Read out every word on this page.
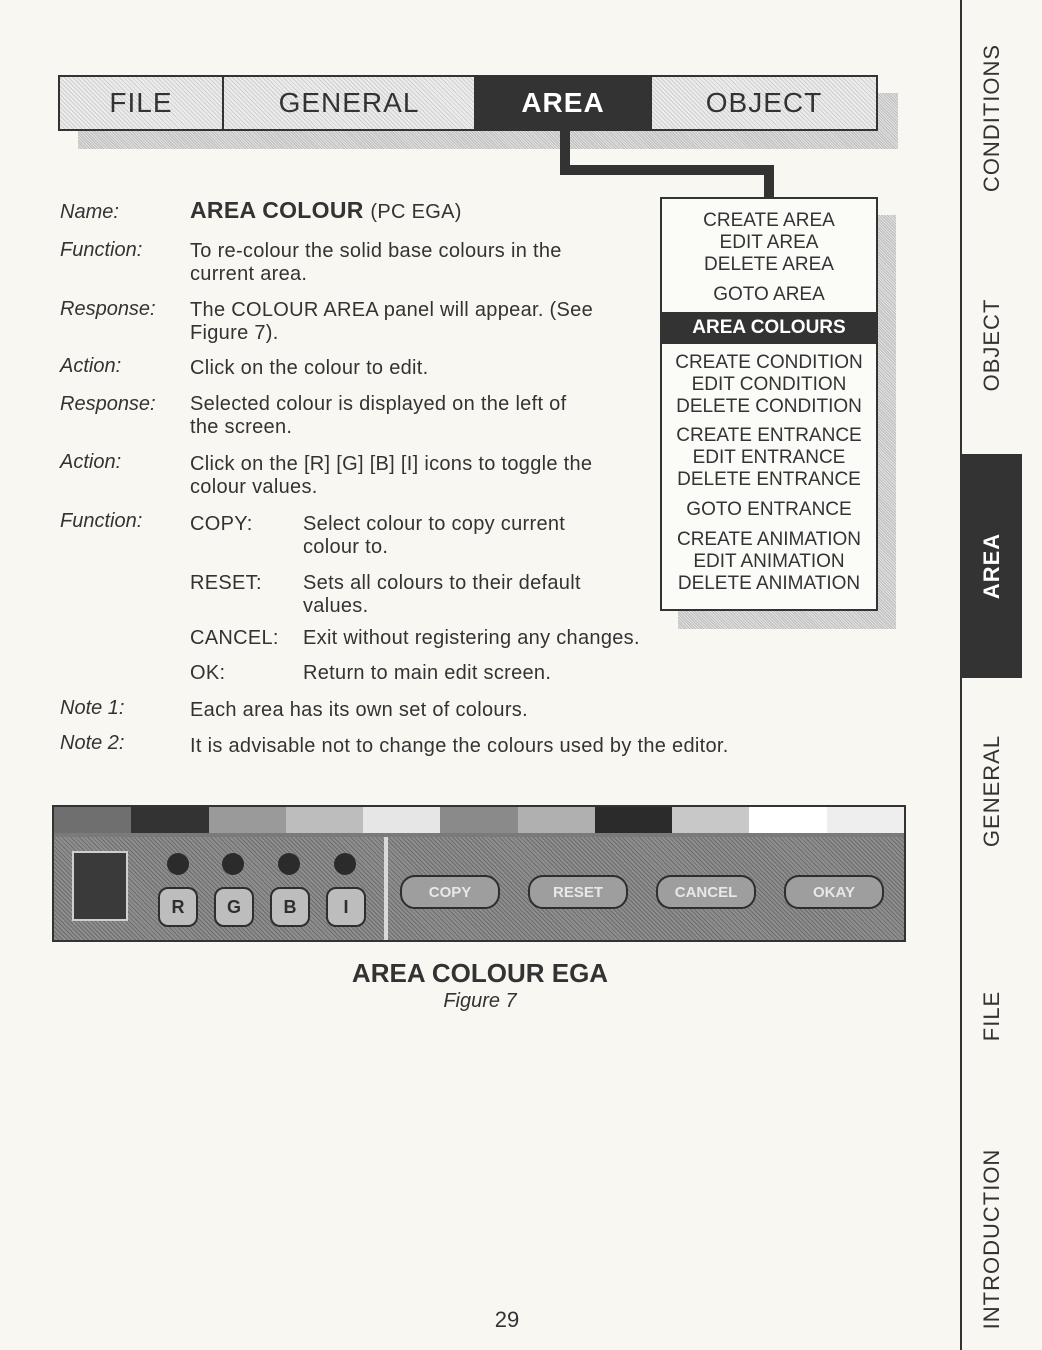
FILE	GENERAL	AREA	OBJECT
CREATE AREA
EDIT AREA
DELETE AREA
GOTO AREA
AREA COLOURS
CREATE CONDITION
EDIT CONDITION
DELETE CONDITION
CREATE ENTRANCE
EDIT ENTRANCE
DELETE ENTRANCE
GOTO ENTRANCE
CREATE ANIMATION
EDIT ANIMATION
DELETE ANIMATION
Name:	AREA COLOUR (PC EGA)
Function: To re-colour the solid base colours in the
current area.
Response: The COLOUR AREA panel will appear. (See
Figure 7).
Action:	Click on the colour to edit.
Response: Selected colour is displayed on the left of
the screen.
Action:	Click on the [R] [G] [B] [I] icons to toggle the
colour values.
Function: COPY:	Select colour to copy current
colour to.
RESET: Sets all colours to their default
values.
CANCEL: Exit without registering any changes.
OK:	Return to main edit screen.
Note 1:	Each area has its own set of colours.
Note 2:	It is advisable not to change the colours used by the editor.
R	G	B	I
COPY	RESET	CANCEL	OKAY
AREA COLOUR EGA
Figure 7
CONDITIONS
OBJECT
AREA
GENERAL
FILE
INTRODUCTION
29
